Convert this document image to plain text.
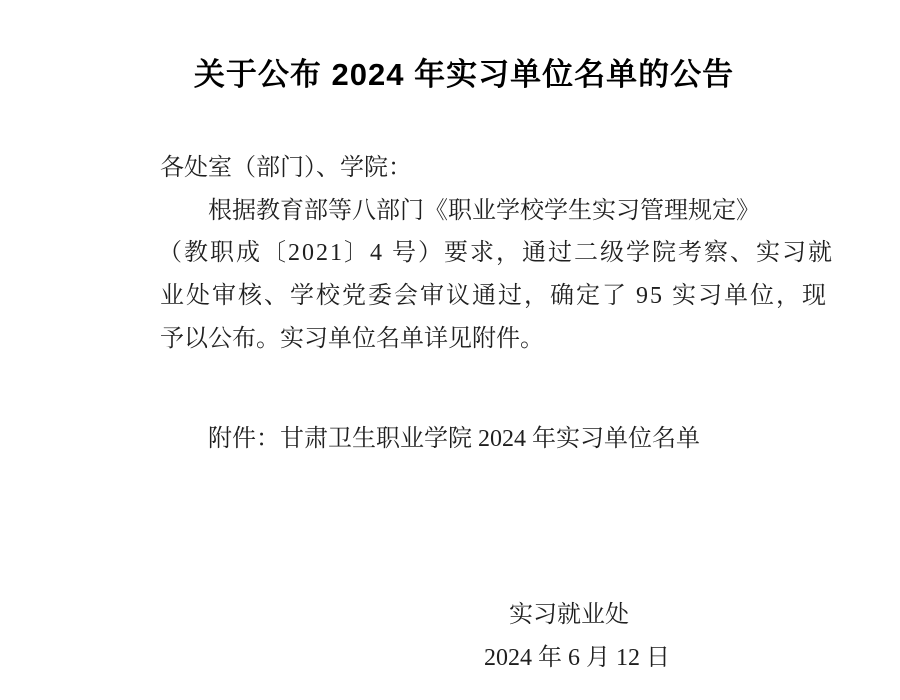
关于公布 2024 年实习单位名单的公告
各处室（部门）、学院：
根据教育部等八部门《职业学校学生实习管理规定》
（教职成〔2021〕4 号）要求，通过二级学院考察、实习就
业处审核、学校党委会审议通过，确定了 95 实习单位，现
予以公布。实习单位名单详见附件。
附件：甘肃卫生职业学院 2024 年实习单位名单
实习就业处
2024 年 6 月 12 日
